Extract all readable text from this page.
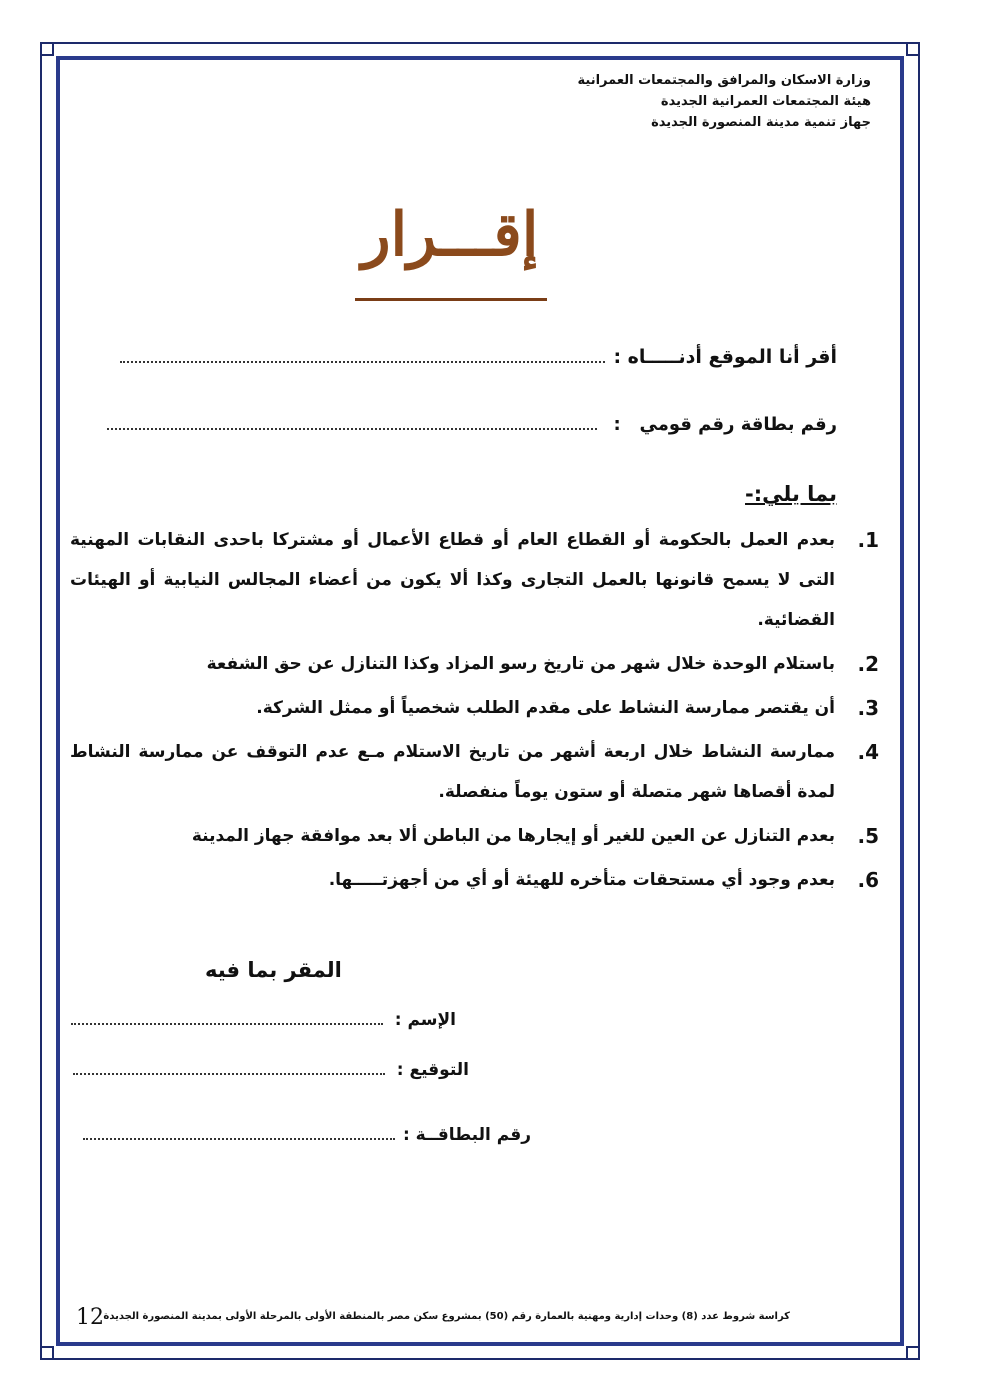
وزارة الاسكان والمرافق والمجتمعات العمرانية
هيئة المجتمعات العمرانية الجديدة
جهاز تنمية مدينة المنصورة الجديدة
إقـــرار
أقر أنا الموقع أدنـــــاه :
رقم بطاقة رقم قومي   :
بما يلي:-
1.
بعدم العمل بالحكومة أو القطاع العام أو قطاع الأعمال أو مشتركا باحدى النقابات المهنية التى لا يسمح قانونها بالعمل التجارى وكذا ألا يكون من أعضاء المجالس النيابية أو الهيئات القضائية.
2.
باستلام الوحدة خلال شهر من تاريخ رسو المزاد وكذا التنازل عن حق الشفعة
3.
أن يقتصر ممارسة النشاط على مقدم الطلب شخصياً أو ممثل الشركة.
4.
ممارسة النشاط خلال اربعة أشهر من تاريخ الاستلام مـع عدم التوقف عن ممارسة النشاط لمدة أقصاها شهر متصلة أو ستون يوماً منفصلة.
5.
بعدم التنازل عن العين للغير أو إيجارها من الباطن ألا بعد موافقة جهاز المدينة
6.
بعدم وجود أي مستحقات متأخره للهيئة أو أي من أجهزتـــــها.
المقر بما فيه
الإسم :
التوقيع :
رقم البطاقــة :
12 كراسة شروط عدد (8) وحدات إدارية ومهنية بالعمارة رقم (50) بمشروع سكن مصر بالمنطقة الأولى بالمرحلة الأولى بمدينة المنصورة الجديدة
